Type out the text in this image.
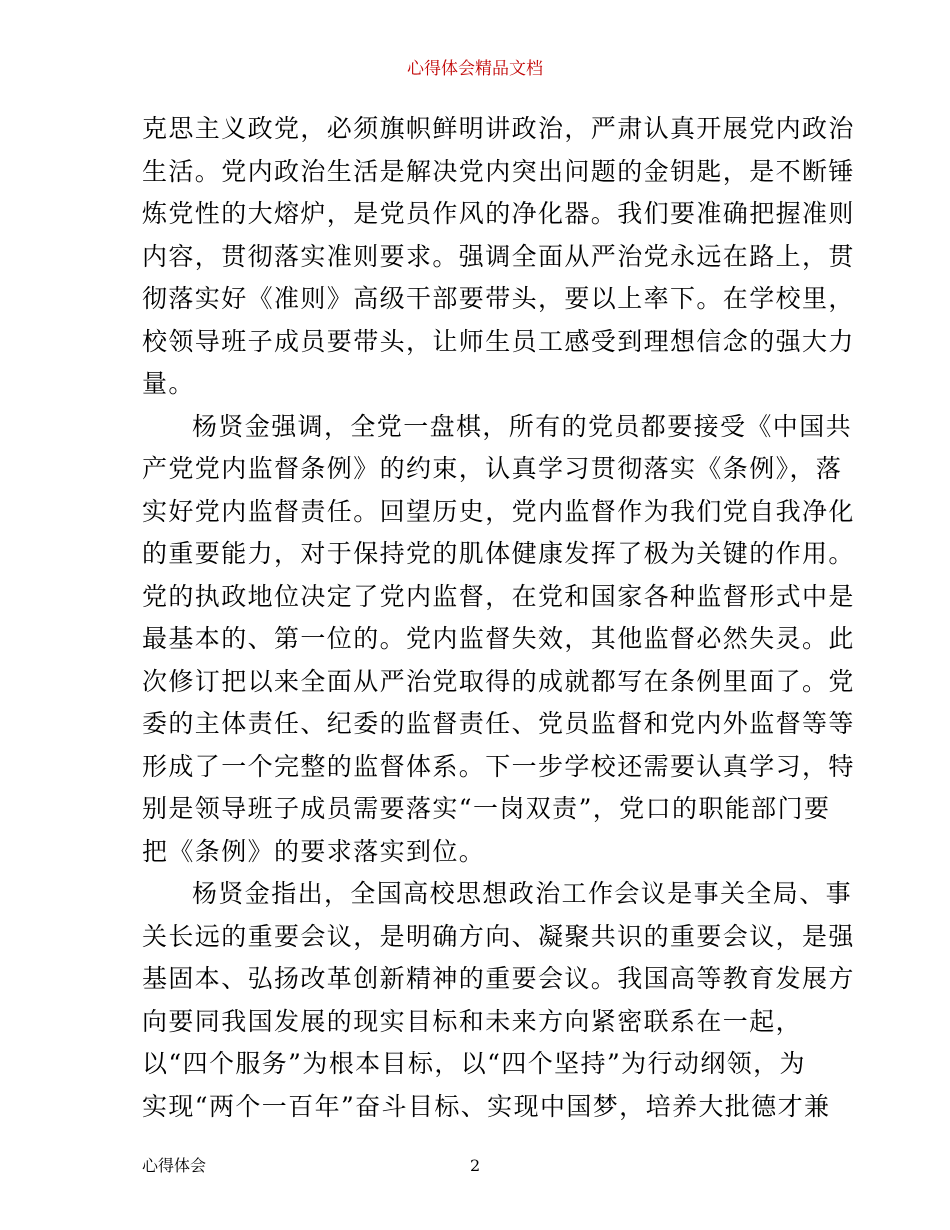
心得体会精品文档
克思主义政党，必须旗帜鲜明讲政治，严肃认真开展党内政治
生活。党内政治生活是解决党内突出问题的金钥匙，是不断锤
炼党性的大熔炉，是党员作风的净化器。我们要准确把握准则
内容，贯彻落实准则要求。强调全面从严治党永远在路上，贯
彻落实好《准则》高级干部要带头，要以上率下。在学校里，
校领导班子成员要带头，让师生员工感受到理想信念的强大力
量。
杨贤金强调，全党一盘棋，所有的党员都要接受《中国共
产党党内监督条例》的约束，认真学习贯彻落实《条例》，落
实好党内监督责任。回望历史，党内监督作为我们党自我净化
的重要能力，对于保持党的肌体健康发挥了极为关键的作用。
党的执政地位决定了党内监督，在党和国家各种监督形式中是
最基本的、第一位的。党内监督失效，其他监督必然失灵。此
次修订把以来全面从严治党取得的成就都写在条例里面了。党
委的主体责任、纪委的监督责任、党员监督和党内外监督等等
形成了一个完整的监督体系。下一步学校还需要认真学习，特
别是领导班子成员需要落实“一岗双责”，党口的职能部门要
把《条例》的要求落实到位。
杨贤金指出，全国高校思想政治工作会议是事关全局、事
关长远的重要会议，是明确方向、凝聚共识的重要会议，是强
基固本、弘扬改革创新精神的重要会议。我国高等教育发展方
向要同我国发展的现实目标和未来方向紧密联系在一起，
以“四个服务”为根本目标，以“四个坚持”为行动纲领，为
实现“两个一百年”奋斗目标、实现中国梦，培养大批德才兼
心得体会	2
